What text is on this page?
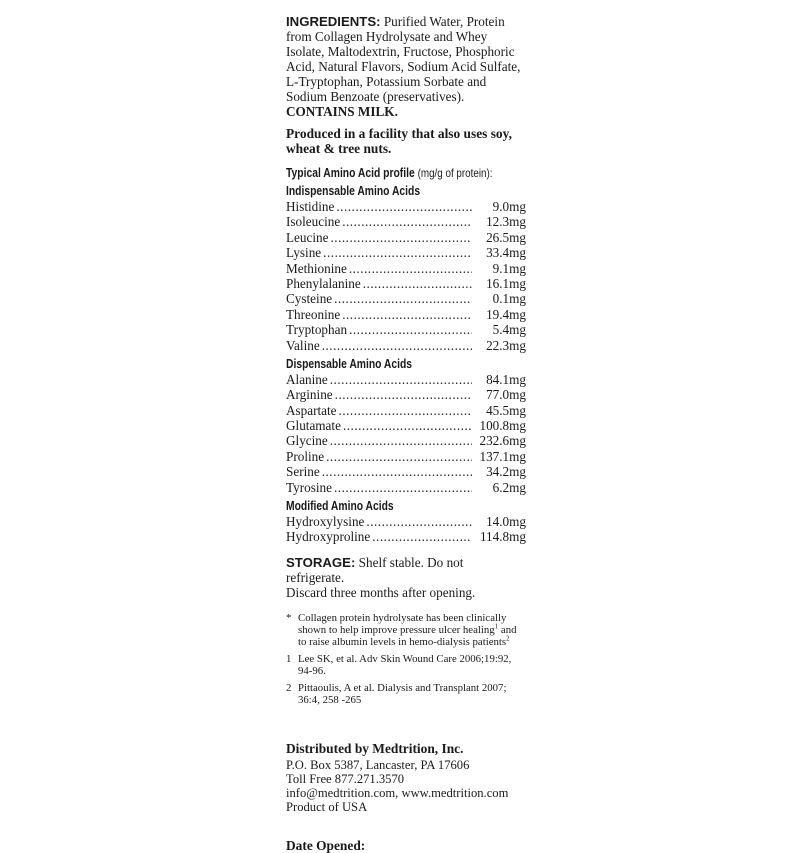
INGREDIENTS: Purified Water, Protein from Collagen Hydrolysate and Whey Isolate, Maltodextrin, Fructose, Phosphoric Acid, Natural Flavors, Sodium Acid Sulfate, L-Tryptophan, Potassium Sorbate and Sodium Benzoate (preservatives). CONTAINS MILK.

Produced in a facility that also uses soy, wheat & tree nuts.

Typical Amino Acid profile (mg/g of protein):
Indispensable Amino Acids
Histidine .....	9.0mg
Isoleucine .....	12.3mg
Leucine .....	26.5mg
Lysine .....	33.4mg
Methionine .....	9.1mg
Phenylalanine .....	16.1mg
Cysteine .....	0.1mg
Threonine .....	19.4mg
Tryptophan .....	5.4mg
Valine .....	22.3mg
Dispensable Amino Acids
Alanine .....	84.1mg
Arginine .....	77.0mg
Aspartate .....	45.5mg
Glutamate .....	100.8mg
Glycine .....	232.6mg
Proline .....	137.1mg
Serine .....	34.2mg
Tyrosine .....	6.2mg
Modified Amino Acids
Hydroxylysine .....	14.0mg
Hydroxyproline .....	114.8mg

STORAGE: Shelf stable. Do not refrigerate.
Discard three months after opening.

* Collagen protein hydrolysate has been clinically shown to help improve pressure ulcer healing$^1$ and to raise albumin levels in hemo-dialysis patients$^2$
1 Lee SK, et al. Adv Skin Wound Care 2006;19:92, 94-96.
2 Pittaoulis, A et al. Dialysis and Transplant 2007; 36:4, 258 -265
Distributed by Medtrition, Inc.
P.O. Box 5387, Lancaster, PA 17606
Toll Free 877.271.3570
info@medtrition.com, www.medtrition.com
Product of USA
Date Opened:
